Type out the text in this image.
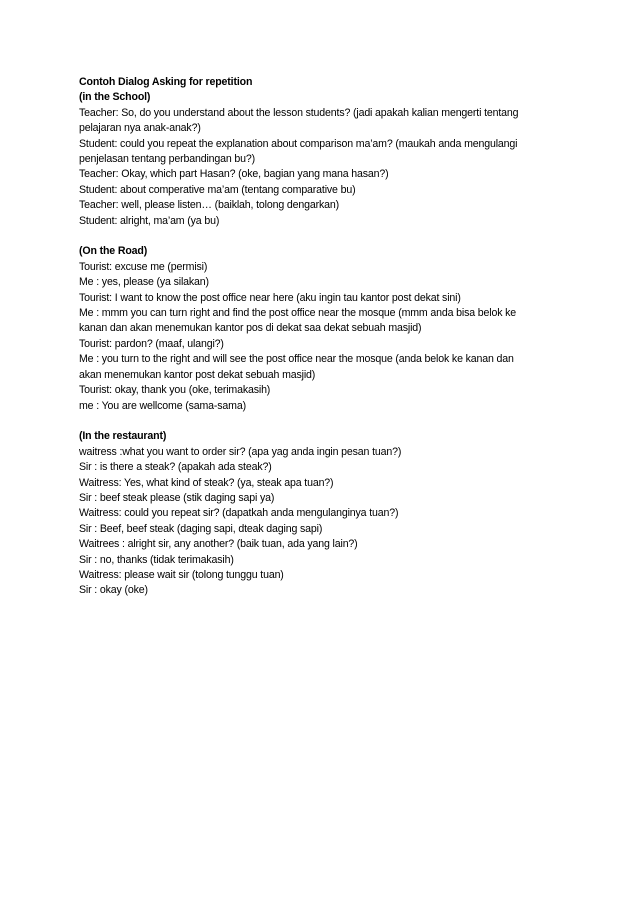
Contoh Dialog Asking for repetition
(in the School)
Teacher: So, do you understand about the lesson students? (jadi apakah kalian mengerti tentang
pelajaran nya anak-anak?)
Student: could you repeat the explanation about comparison ma’am? (maukah anda mengulangi
penjelasan tentang perbandingan bu?)
Teacher: Okay, which part Hasan? (oke, bagian yang mana hasan?)
Student: about comperative ma’am (tentang comparative bu)
Teacher: well, please listen… (baiklah, tolong dengarkan)
Student: alright, ma’am (ya bu)
(On the Road)
Tourist: excuse me (permisi)
Me : yes, please (ya silakan)
Tourist: I want to know the post office near here (aku ingin tau kantor post dekat sini)
Me : mmm you can turn right and find the post office near the mosque (mmm anda bisa belok ke
kanan dan akan menemukan kantor pos di dekat saa dekat sebuah masjid)
Tourist: pardon? (maaf, ulangi?)
Me : you turn to the right and will see the post office near the mosque (anda belok ke kanan dan
akan menemukan kantor post dekat sebuah masjid)
Tourist: okay, thank you (oke, terimakasih)
me : You are wellcome (sama-sama)
(In the restaurant)
waitress :what you want to order sir? (apa yag anda ingin pesan tuan?)
Sir : is there a steak? (apakah ada steak?)
Waitress: Yes, what kind of steak? (ya, steak apa tuan?)
Sir : beef steak please (stik daging sapi ya)
Waitress: could you repeat sir? (dapatkah anda mengulanginya tuan?)
Sir : Beef, beef steak (daging sapi, dteak daging sapi)
Waitrees : alright sir, any another? (baik tuan, ada yang lain?)
Sir : no, thanks (tidak terimakasih)
Waitress: please wait sir (tolong tunggu tuan)
Sir : okay (oke)
